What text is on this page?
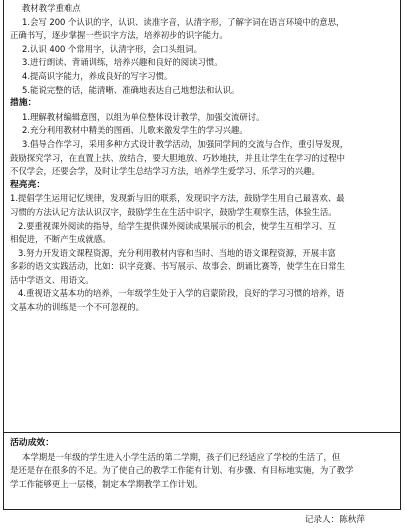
教材教学重难点
1.会写 200 个认识的字，认识、读准字音，认清字形，了解字词在语言环境中的意思，
正确书写，逐步掌握一些识字方法，培养初步的识字能力。
2.认识 400 个常用字，认清字形，会口头组词。
3.进行朗读、背诵训练，培养兴趣和良好的阅读习惯。
4.提高识字能力，养成良好的写字习惯。
5.能说完整的话，能清晰、准确地表达自己地想法和认识。
措施：
1.理解教材编辑意图，以组为单位整体设计教学，加强交流研讨。
2.充分利用教材中精美的图画、儿歌来激发学生的学习兴趣。
3.倡导合作学习，采用多种方式设计教学活动，加强同学间的交流与合作，重引导发现，
鼓励探究学习，在直置上扶、放结合，要大胆地放、巧妙地扶，并且让学生在学习的过程中
不仅学会，还要会学，及时让学生总结学习方法，培养学生爱学习、乐学习的兴趣。
程亮亮：
1.提倡学生运用记忆规律，发现新与旧的联系，发现识字方法，鼓励学生用自己最喜欢、最
习惯的方法认记方法认识汉字，鼓励学生在生活中识字，鼓励学生观察生活，体验生活。
2.要重视课外阅读的指导，给学生提供课外阅读成果展示的机会，使学生互相学习、互
相促进，不断产生成就感。
3.努力开发语文课程资源，充分利用教材内容和当时、当地的语文课程资源，开展丰富
多彩的语文实践活动，比如：识字竞赛、书写展示、故事会、朗诵比赛等，使学生在日常生
活中学语文、用语文。
4.重视语文基本功的培养，一年级学生处于入学的启蒙阶段，良好的学习习惯的培养，语
文基本功的训练是一个不可忽视的。
活动成效：
本学期是一年级的学生进入小学生活的第二学期，孩子们已经适应了学校的生活了，但
是还是存在很多的不足。为了使自己的教学工作能有计划、有步骤、有目标地实施，为了教学
学工作能够更上一层楼，制定本学期教学工作计划。
记录人：陈秋萍
